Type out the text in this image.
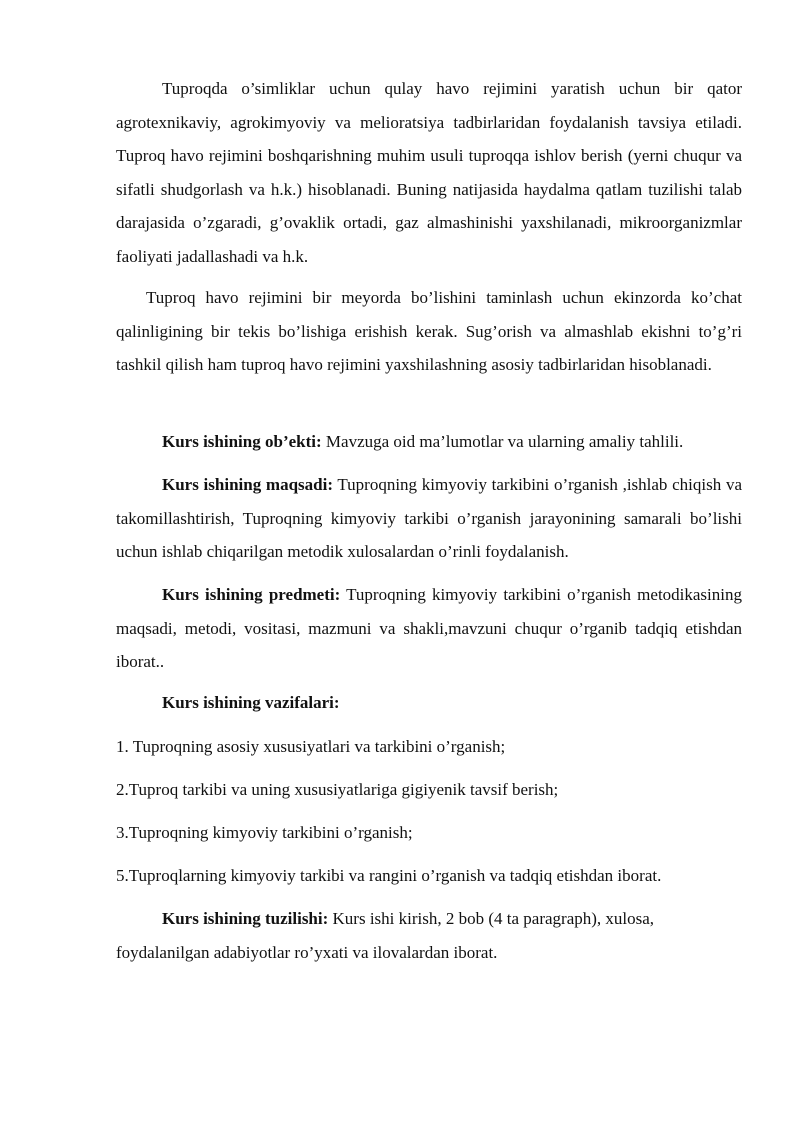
Tuproqda o’simliklar uchun qulay havo rejimini yaratish uchun bir qator agrotexnikaviy, agrokimyoviy va melioratsiya tadbirlaridan foydalanish tavsiya etiladi. Tuproq havo rejimini boshqarishning muhim usuli tuproqqa ishlov berish (yerni chuqur va sifatli shudgorlash va h.k.) hisoblanadi. Buning natijasida haydalma qatlam tuzilishi talab darajasida o’zgaradi, g’ovaklik ortadi, gaz almashinishi yaxshilanadi, mikroorganizmlar faoliyati jadallashadi va h.k.

Tuproq havo rejimini bir meyorda bo’lishini taminlash uchun ekinzorda ko’chat qalinligining bir tekis bo’lishiga erishish kerak. Sug’orish va almashlab ekishni to’g’ri tashkil qilish ham tuproq havo rejimini yaxshilashning asosiy tadbirlaridan hisoblanadi.

Kurs ishining ob’ekti: Mavzuga oid ma’lumotlar va ularning amaliy tahlili.

Kurs ishining maqsadi: Tuproqning kimyoviy tarkibini o’rganish ,ishlab chiqish va takomillashtirish, Tuproqning kimyoviy tarkibi o’rganish jarayonining samarali bo’lishi uchun ishlab chiqarilgan metodik xulosalardan o’rinli foydalanish.

Kurs ishining predmeti: Tuproqning kimyoviy tarkibini o’rganish metodikasining maqsadi, metodi, vositasi, mazmuni va shakli,mavzuni chuqur o’rganib tadqiq etishdan iborat..

Kurs ishining vazifalari:

1. Tuproqning asosiy xususiyatlari va tarkibini o’rganish;

2.Tuproq tarkibi va uning xususiyatlariga gigiyenik tavsif berish;

3.Tuproqning kimyoviy tarkibini o’rganish;

5.Tuproqlarning kimyoviy tarkibi va rangini o’rganish va tadqiq etishdan iborat.

Kurs ishining tuzilishi: Kurs ishi kirish, 2 bob (4 ta paragraph), xulosa, foydalanilgan adabiyotlar ro’yxati va ilovalardan iborat.
